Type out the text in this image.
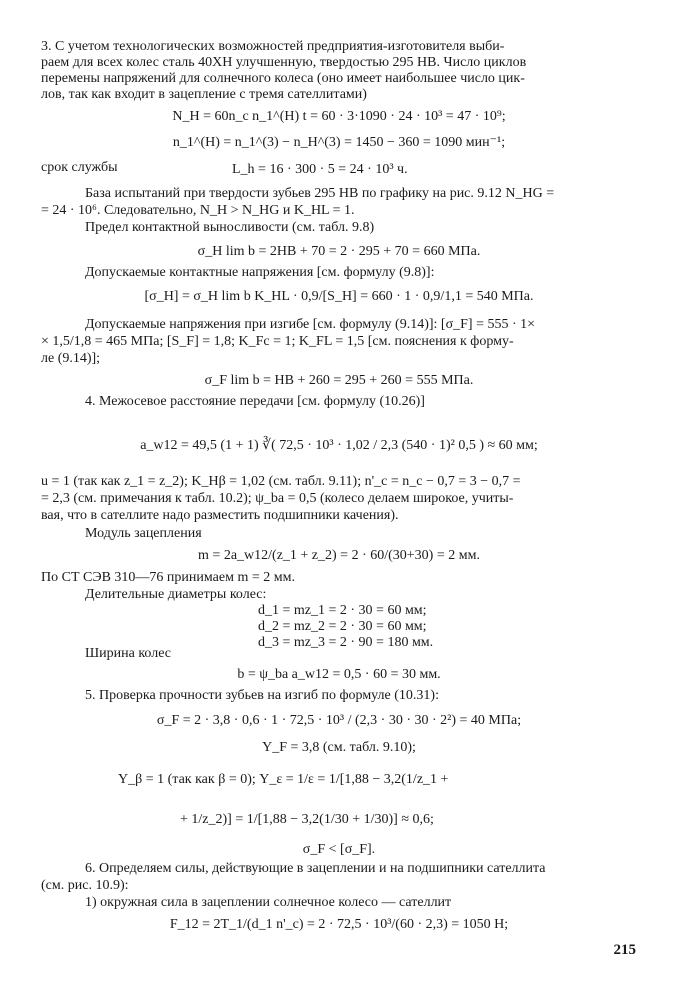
3. С учетом технологических возможностей предприятия-изготовителя выби-
раем для всех колес сталь 40ХН улучшенную, твердостью 295 НВ. Число циклов
перемены напряжений для солнечного колеса (оно имеет наибольшее число цик-
лов, так как входит в зацепление с тремя сателлитами)
N_H = 60n_c n_1^(H) t = 60 · 3·1090 · 24 · 10³ = 47 · 10⁹;
n_1^(H) = n_1^(3) − n_H^(3) = 1450 − 360 = 1090 мин⁻¹;
срок службы	L_h = 16 · 300 · 5 = 24 · 10³ ч.
База испытаний при твердости зубьев 295 НВ по графику на рис. 9.12 N_HG =
= 24 · 10⁶. Следовательно, N_H > N_HG и K_HL = 1.
Предел контактной выносливости (см. табл. 9.8)
σ_H lim b = 2НВ + 70 = 2 · 295 + 70 = 660 МПа.
Допускаемые контактные напряжения [см. формулу (9.8)]:
[σ_H] = σ_H lim b K_HL · 0,9/[S_H] = 660 · 1 · 0,9/1,1 = 540 МПа.
Допускаемые напряжения при изгибе [см. формулу (9.14)]: [σ_F] = 555 · 1×
× 1,5/1,8 = 465 МПа; [S_F] = 1,8; K_Fc = 1; K_FL = 1,5 [см. пояснения к форму-
ле (9.14)];
σ_F lim b = НВ + 260 = 295 + 260 = 555 МПа.
4. Межосевое расстояние передачи [см. формулу (10.26)]
a_w12 = 49,5 (1 + 1) ∛( 72,5 · 10³ · 1,02 / 2,3 (540 · 1)² 0,5 ) ≈ 60 мм;
u = 1 (так как z_1 = z_2); K_Hβ = 1,02 (см. табл. 9.11); n'_c = n_c − 0,7 = 3 − 0,7 =
= 2,3 (см. примечания к табл. 10.2); ψ_ba = 0,5 (колесо делаем широкое, учиты-
вая, что в сателлите надо разместить подшипники качения).
Модуль зацепления
m = 2a_w12/(z_1 + z_2) = 2 · 60/(30+30) = 2 мм.
По СТ СЭВ 310—76 принимаем m = 2 мм.
Делительные диаметры колес:
d_1 = mz_1 = 2 · 30 = 60 мм;
d_2 = mz_2 = 2 · 30 = 60 мм;
d_3 = mz_3 = 2 · 90 = 180 мм.
Ширина колес
b = ψ_ba a_w12 = 0,5 · 60 = 30 мм.
5. Проверка прочности зубьев на изгиб по формуле (10.31):
σ_F = 2 · 3,8 · 0,6 · 1 · 72,5 · 10³ / (2,3 · 30 · 30 · 2²) = 40 МПа;
Y_F = 3,8 (см. табл. 9.10);
Y_β = 1 (так как β = 0); Y_ε = 1/ε = 1/[1,88 − 3,2(1/z_1 +
+ 1/z_2)] = 1/[1,88 − 3,2(1/30 + 1/30)] ≈ 0,6;
σ_F < [σ_F].
6. Определяем силы, действующие в зацеплении и на подшипники сателлита
(см. рис. 10.9):
1) окружная сила в зацеплении солнечное колесо — сателлит
F_12 = 2T_1/(d_1 n'_c) = 2 · 72,5 · 10³/(60 · 2,3) = 1050 Н;
215
